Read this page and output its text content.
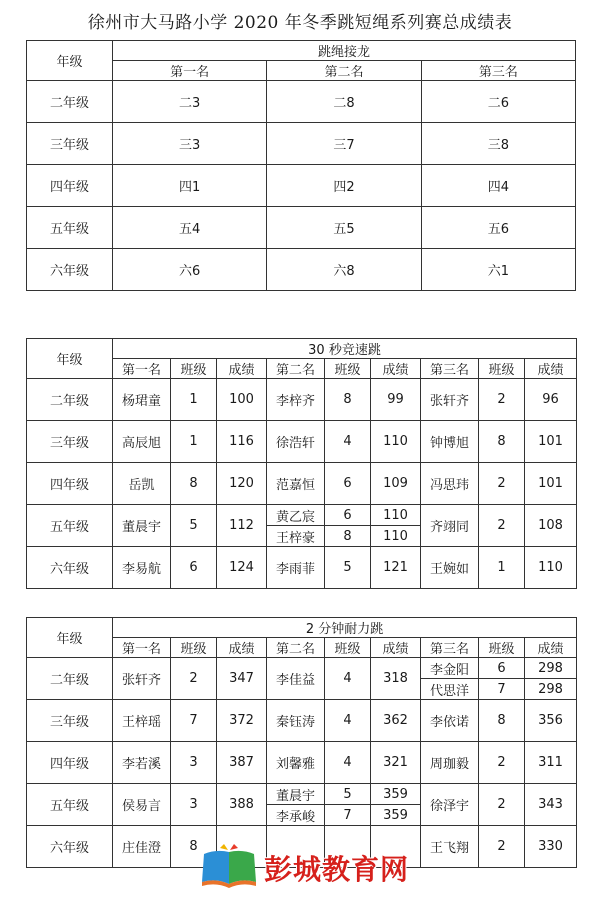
徐州市大马路小学 2020 年冬季跳短绳系列赛总成绩表
年级	跳绳接龙		
	第一名	第二名	第三名
二年级	二3	二8	二6
三年级	三3	三7	三8
四年级	四1	四2	四4
五年级	五4	五5	五6
六年级	六6	六8	六1
年级	30 秒竞速跳								
	第一名	班级	成绩	第二名	班级	成绩	第三名	班级	成绩
二年级	杨珺童	1	100	李梓齐	8	99	张轩齐	2	96
三年级	高辰旭	1	116	徐浩轩	4	110	钟博旭	8	101
四年级	岳凯	8	120	范嘉恒	6	109	冯思玮	2	101
五年级	董晨宇	5	112	黄乙宸	6	110	齐翊同	2	108
				王梓豪	8	110			
六年级	李易航	6	124	李雨菲	5	121	王婉如	1	110
年级	2 分钟耐力跳								
	第一名	班级	成绩	第二名	班级	成绩	第三名	班级	成绩
二年级	张轩齐	2	347	李佳益	4	318	李金阳	6	298
							代思洋	7	298
三年级	王梓瑶	7	372	秦钰涛	4	362	李依诺	8	356
四年级	李若溪	3	387	刘馨雅	4	321	周珈毅	2	311
五年级	侯易言	3	388	董晨宇	5	359	徐泽宇	2	343
				李承峻	7	359			
六年级	庄佳澄	8					王飞翔	2	330
彭城教育网
